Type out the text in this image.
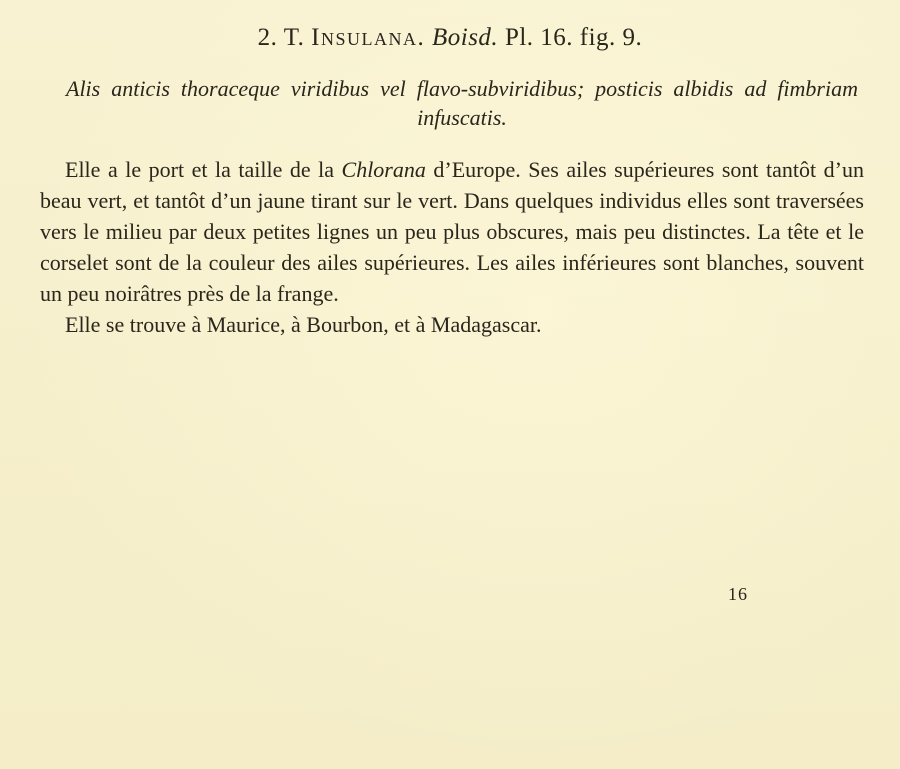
2. T. Insulana. Boisd. Pl. 16. fig. 9.
Alis anticis thoraceque viridibus vel flavo-subviridibus; posticis albidis ad fimbriam infuscatis.

Elle a le port et la taille de la Chlorana d’Europe. Ses ailes supérieures sont tantôt d’un beau vert, et tantôt d’un jaune tirant sur le vert. Dans quelques individus elles sont traversées vers le milieu par deux petites lignes un peu plus obscures, mais peu distinctes. La tête et le corselet sont de la couleur des ailes supérieures. Les ailes inférieures sont blanches, souvent un peu noirâtres près de la frange.

Elle se trouve à Maurice, à Bourbon, et à Madagascar.

16
